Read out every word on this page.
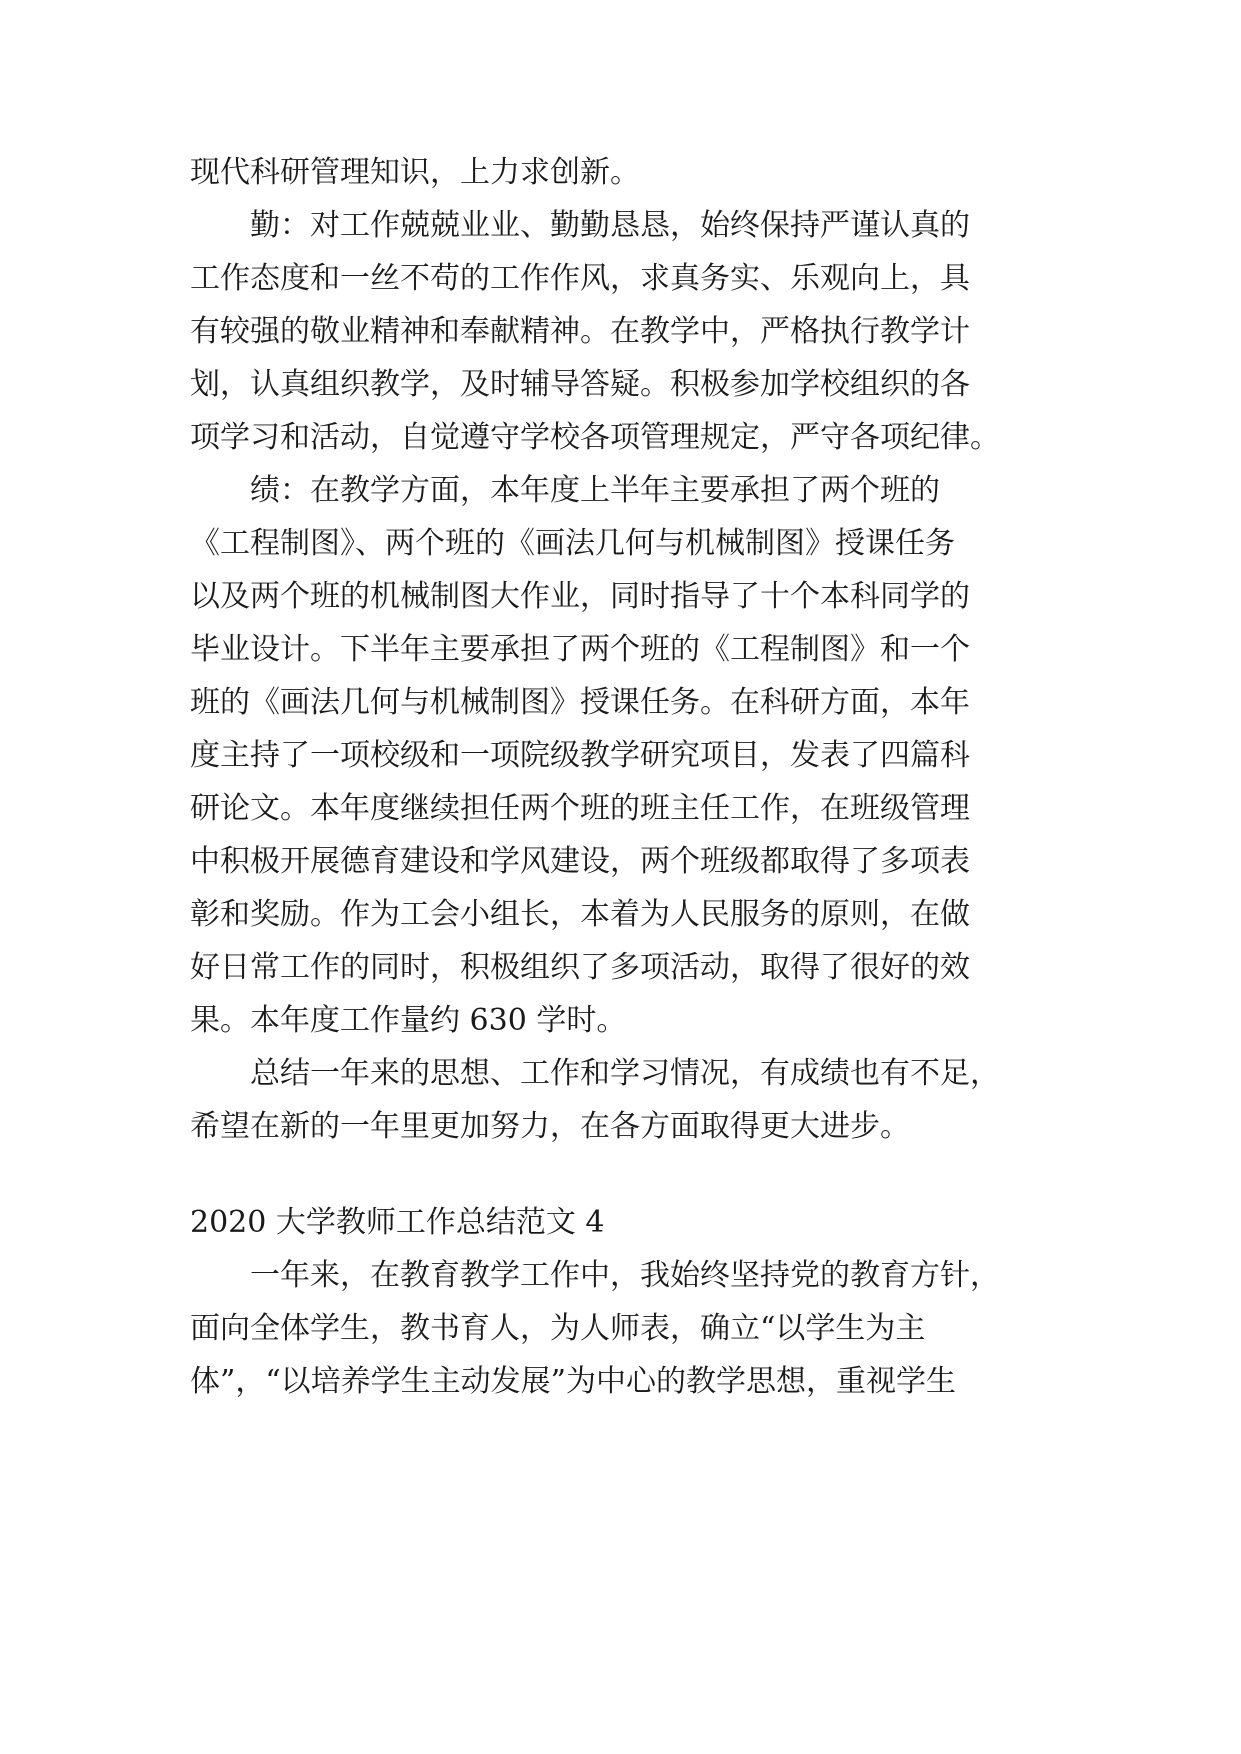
现代科研管理知识，上力求创新。
　　勤：对工作兢兢业业、勤勤恳恳，始终保持严谨认真的
工作态度和一丝不苟的工作作风，求真务实、乐观向上，具
有较强的敬业精神和奉献精神。在教学中，严格执行教学计
划，认真组织教学，及时辅导答疑。积极参加学校组织的各
项学习和活动，自觉遵守学校各项管理规定，严守各项纪律。
　　绩：在教学方面，本年度上半年主要承担了两个班的
《工程制图》、两个班的《画法几何与机械制图》授课任务
以及两个班的机械制图大作业，同时指导了十个本科同学的
毕业设计。下半年主要承担了两个班的《工程制图》和一个
班的《画法几何与机械制图》授课任务。在科研方面，本年
度主持了一项校级和一项院级教学研究项目，发表了四篇科
研论文。本年度继续担任两个班的班主任工作，在班级管理
中积极开展德育建设和学风建设，两个班级都取得了多项表
彰和奖励。作为工会小组长，本着为人民服务的原则，在做
好日常工作的同时，积极组织了多项活动，取得了很好的效
果。本年度工作量约 630 学时。
　　总结一年来的思想、工作和学习情况，有成绩也有不足，
希望在新的一年里更加努力，在各方面取得更大进步。
2020 大学教师工作总结范文 4
　　一年来，在教育教学工作中，我始终坚持党的教育方针，
面向全体学生，教书育人，为人师表，确立“以学生为主
体”，“以培养学生主动发展”为中心的教学思想，重视学生
